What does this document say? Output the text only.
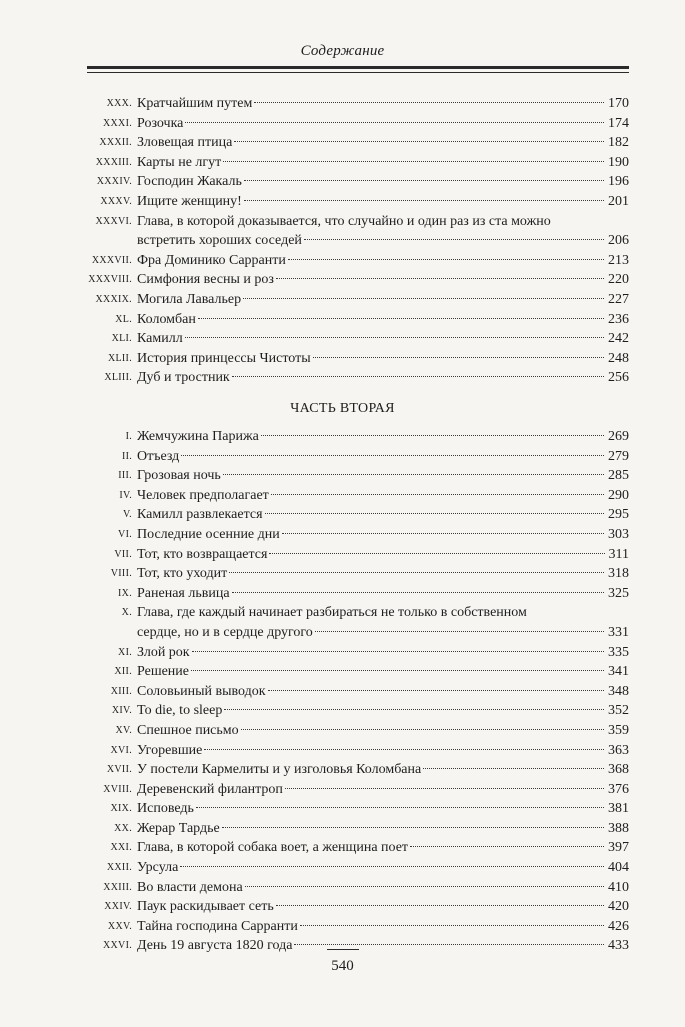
Содержание
XXX. Кратчайшим путем	170
XXXI. Розочка	174
XXXII. Зловещая птица	182
XXXIII. Карты не лгут	190
XXXIV. Господин Жакаль	196
XXXV. Ищите женщину!	201
XXXVI. Глава, в которой доказывается, что случайно и один раз из ста можно
встретить хороших соседей	206
XXXVII. Фра Доминико Сарранти	213
XXXVIII. Симфония весны и роз	220
XXXIX. Могила Лавальер	227
XL. Коломбан	236
XLI. Камилл	242
XLII. История принцессы Чистоты	248
XLIII. Дуб и тростник	256
ЧАСТЬ ВТОРАЯ
I. Жемчужина Парижа	269
II. Отъезд	279
III. Грозовая ночь	285
IV. Человек предполагает	290
V. Камилл развлекается	295
VI. Последние осенние дни	303
VII. Тот, кто возвращается	311
VIII. Тот, кто уходит	318
IX. Раненая львица	325
X. Глава, где каждый начинает разбираться не только в собственном
сердце, но и в сердце другого	331
XI. Злой рок	335
XII. Решение	341
XIII. Соловьиный выводок	348
XIV. To die, to sleep	352
XV. Спешное письмо	359
XVI. Угоревшие	363
XVII. У постели Кармелиты и у изголовья Коломбана	368
XVIII. Деревенский филантроп	376
XIX. Исповедь	381
XX. Жерар Тардье	388
XXI. Глава, в которой собака воет, а женщина поет	397
XXII. Урсула	404
XXIII. Во власти демона	410
XXIV. Паук раскидывает сеть	420
XXV. Тайна господина Сарранти	426
XXVI. День 19 августа 1820 года	433
540
